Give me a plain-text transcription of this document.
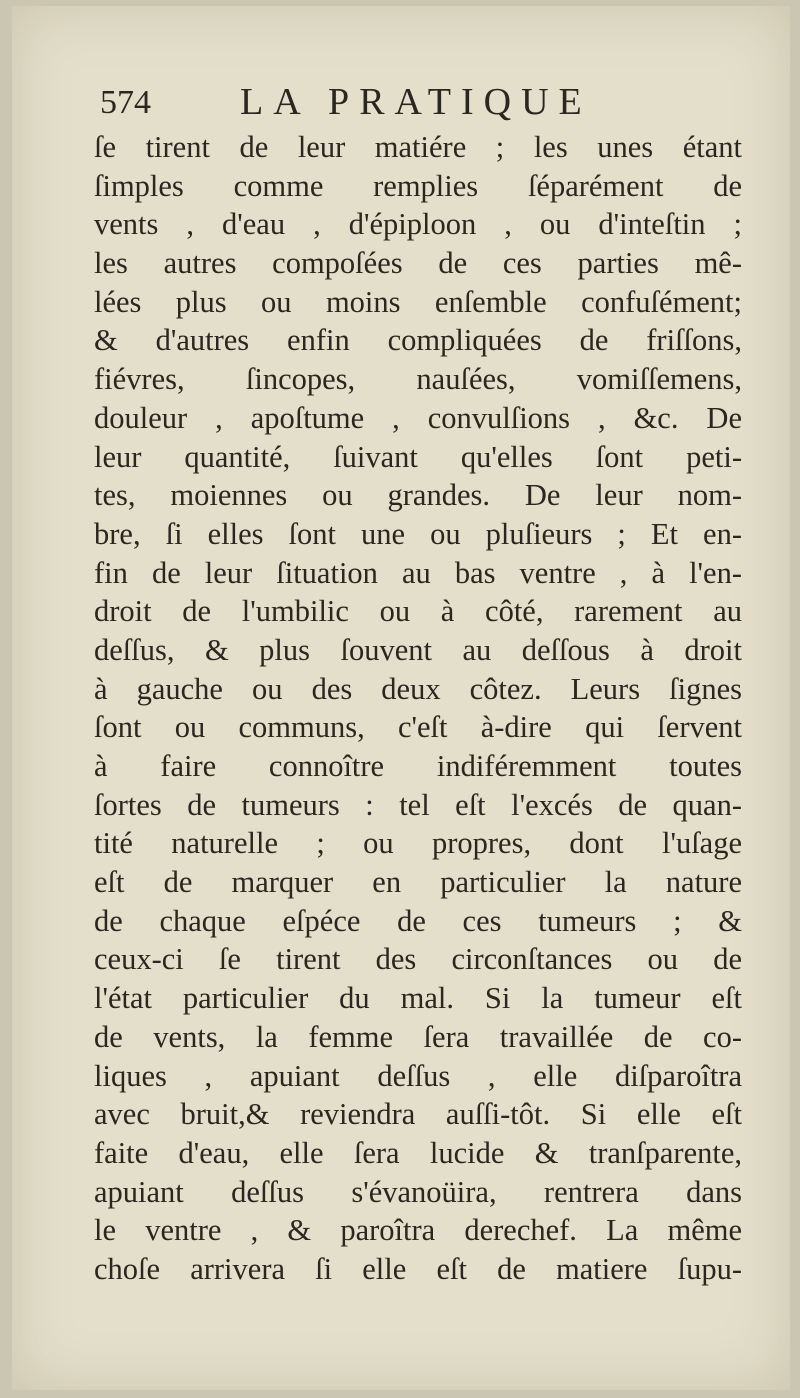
574 LA PRATIQUE
ſe tirent de leur matiére ; les unes étant
ſimples comme remplies ſéparément de
vents , d'eau , d'épiploon , ou d'inteſtin ;
les autres compoſées de ces parties mê-
lées plus ou moins enſemble confuſément;
& d'autres enfin compliquées de friſſons,
fiévres, ſincopes, nauſées, vomiſſemens,
douleur , apoſtume , convulſions , &c. De
leur quantité, ſuivant qu'elles ſont peti-
tes, moiennes ou grandes. De leur nom-
bre, ſi elles ſont une ou pluſieurs ; Et en-
fin de leur ſituation au bas ventre , à l'en-
droit de l'umbilic ou à côté, rarement au
deſſus, & plus ſouvent au deſſous à droit
à gauche ou des deux côtez. Leurs ſignes
ſont ou communs, c'eſt à-dire qui ſervent
à faire connoître indiféremment toutes
ſortes de tumeurs : tel eſt l'excés de quan-
tité naturelle ; ou propres, dont l'uſage
eſt de marquer en particulier la nature
de chaque eſpéce de ces tumeurs ; &
ceux-ci ſe tirent des circonſtances ou de
l'état particulier du mal. Si la tumeur eſt
de vents, la femme ſera travaillée de co-
liques , apuiant deſſus , elle diſparoîtra
avec bruit,& reviendra auſſi-tôt. Si elle eſt
faite d'eau, elle ſera lucide & tranſparente,
apuiant deſſus s'évanoüira, rentrera dans
le ventre , & paroîtra derechef. La même
choſe arrivera ſi elle eſt de matiere ſupu-
